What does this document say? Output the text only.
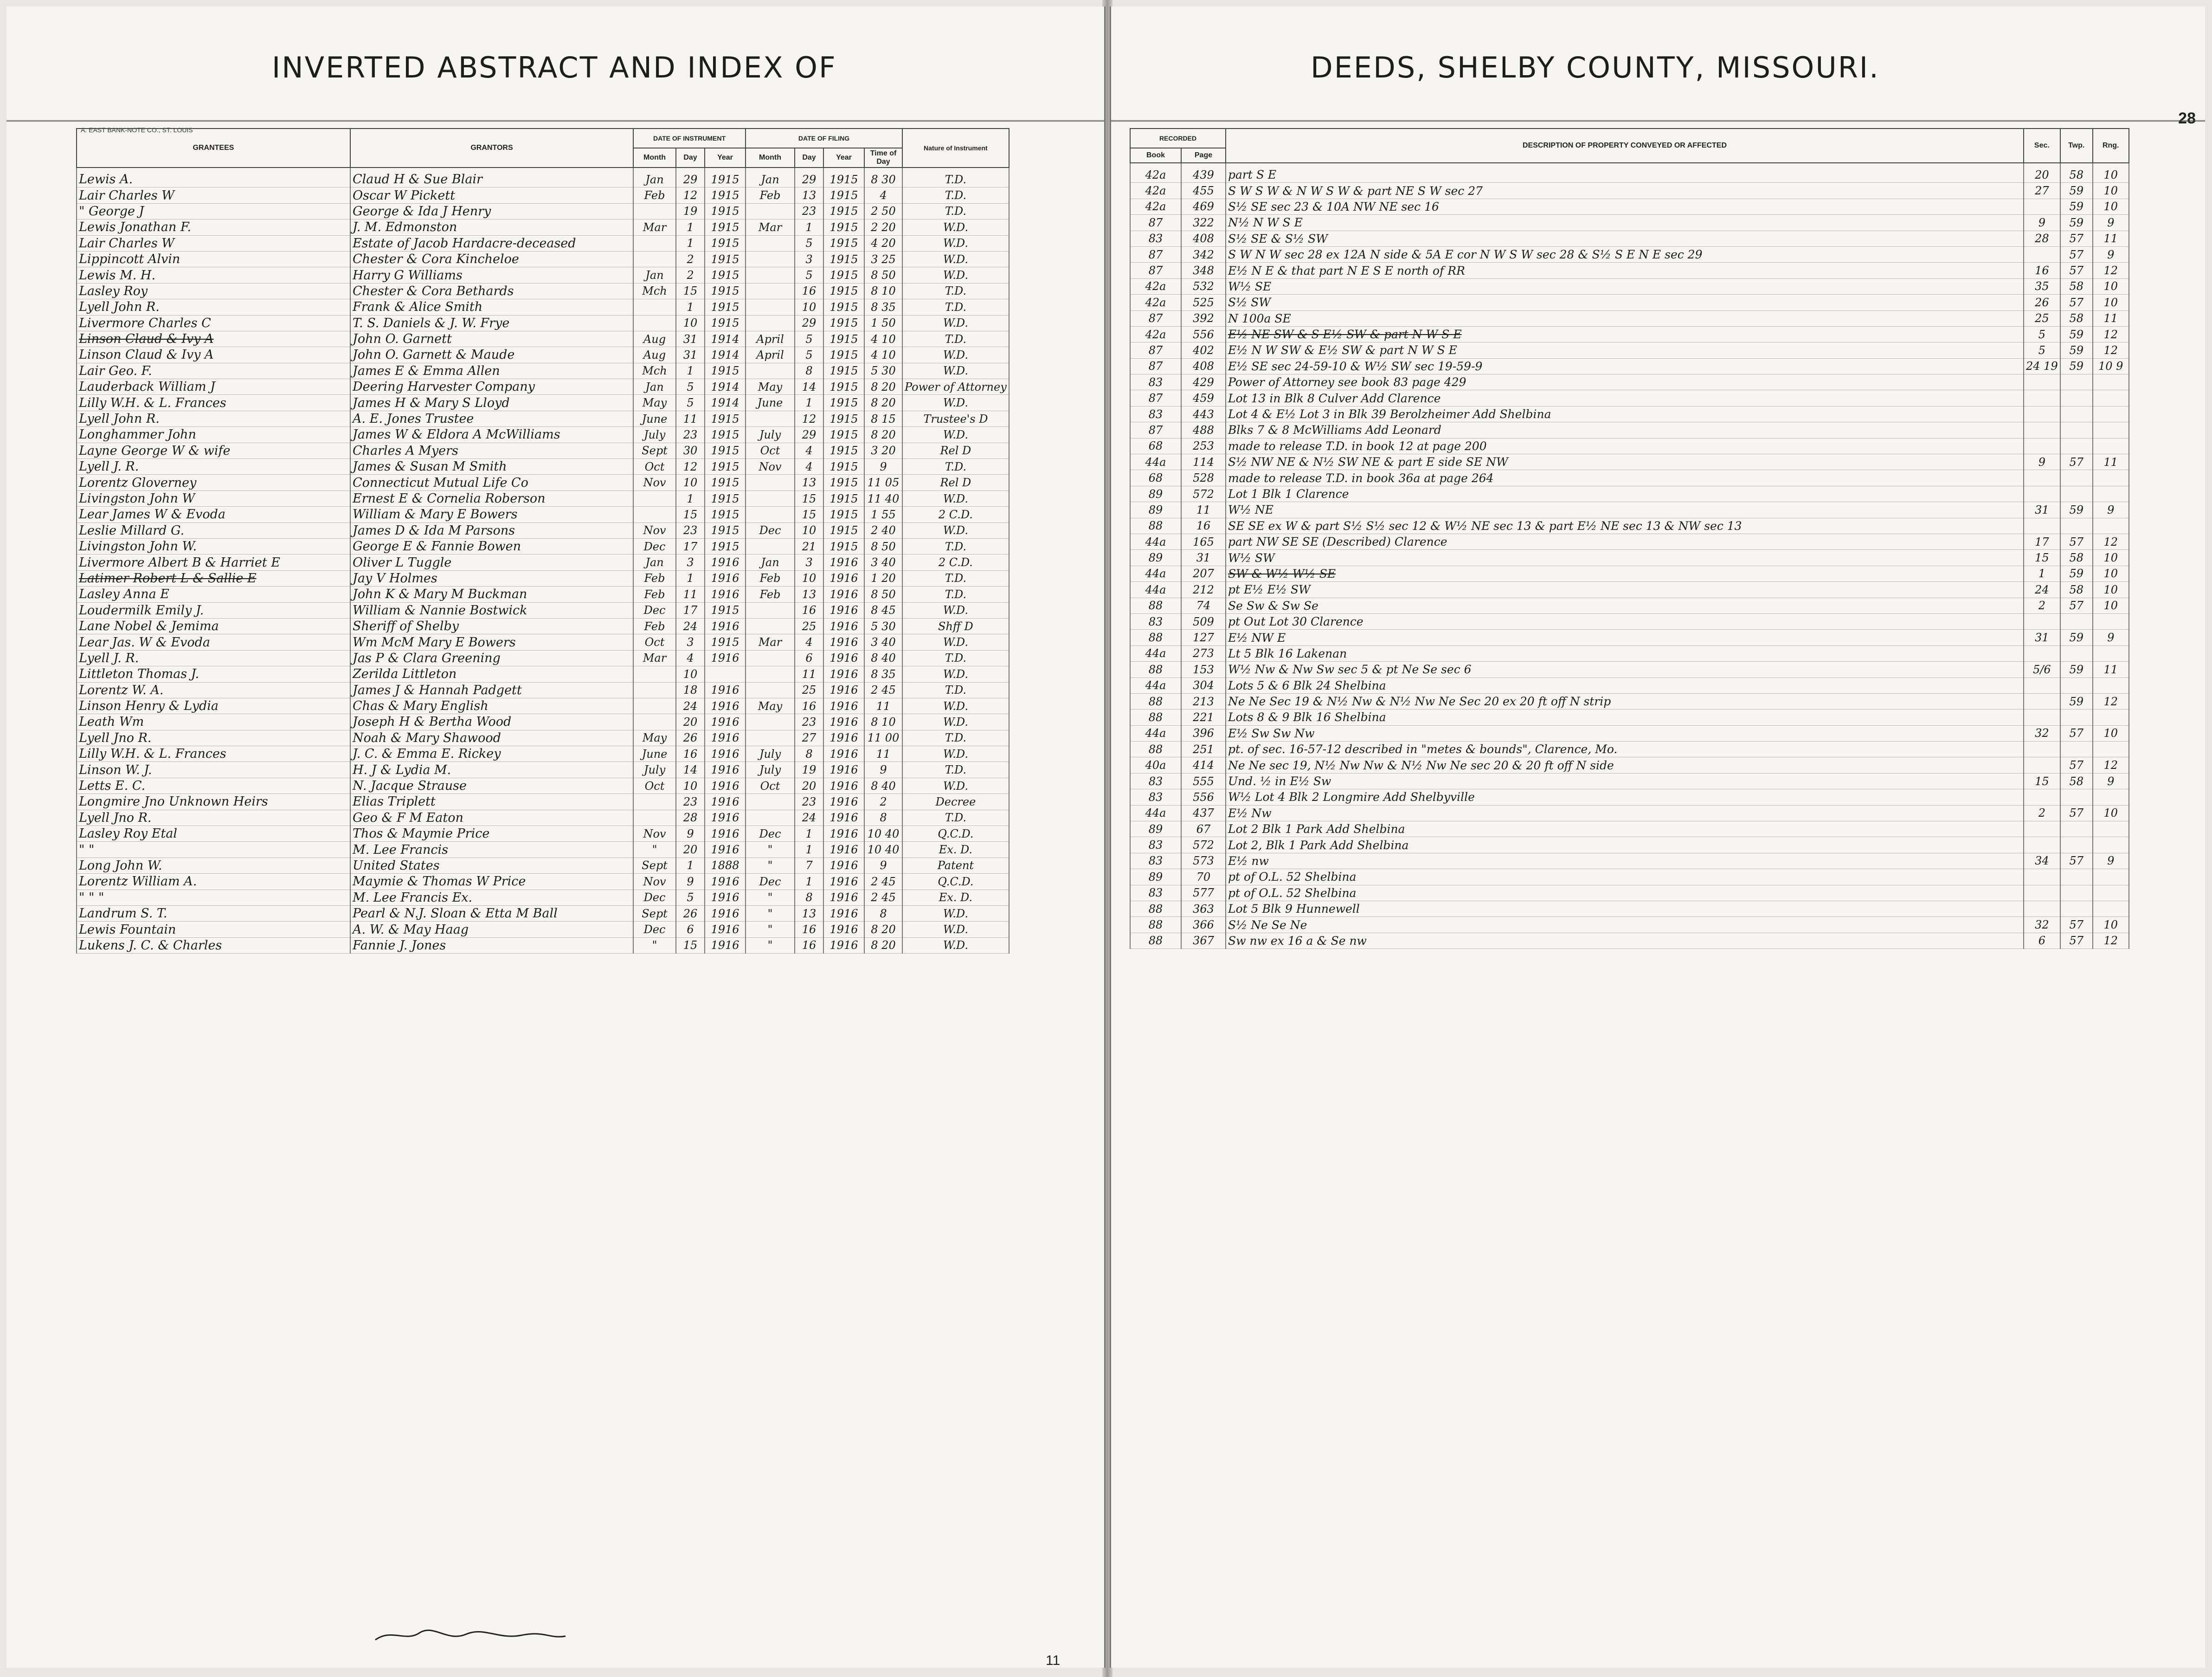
INVERTED ABSTRACT AND INDEX OF
A. EAST BANK-NOTE CO., ST. LOUIS
GRANTEES	GRANTORS	DATE OF INSTRUMENT			DATE OF FILING				Nature of Instrument
		Month	Day	Year	Month	Day	Year	Time of Day	
Lewis A.	Claud H & Sue Blair	Jan	29	1915	Jan	29	1915	8 30	T.D.
Lair Charles W	Oscar W Pickett	Feb	12	1915	Feb	13	1915	4	T.D.
" George J	George & Ida J Henry		19	1915		23	1915	2 50	T.D.
Lewis Jonathan F.	J. M. Edmonston	Mar	1	1915	Mar	1	1915	2 20	W.D.
Lair Charles W	Estate of Jacob Hardacre-deceased		1	1915		5	1915	4 20	W.D.
Lippincott Alvin	Chester & Cora Kincheloe		2	1915		3	1915	3 25	W.D.
Lewis M. H.	Harry G Williams	Jan	2	1915		5	1915	8 50	W.D.
Lasley Roy	Chester & Cora Bethards	Mch	15	1915		16	1915	8 10	T.D.
Lyell John R.	Frank & Alice Smith		1	1915		10	1915	8 35	T.D.
Livermore Charles C	T. S. Daniels & J. W. Frye		10	1915		29	1915	1 50	W.D.
Linson Claud & Ivy A	John O. Garnett	Aug	31	1914	April	5	1915	4 10	T.D.
Linson Claud & Ivy A	John O. Garnett & Maude	Aug	31	1914	April	5	1915	4 10	W.D.
Lair Geo. F.	James E & Emma Allen	Mch	1	1915		8	1915	5 30	W.D.
Lauderback William J	Deering Harvester Company	Jan	5	1914	May	14	1915	8 20	Power of Attorney
Lilly W.H. & L. Frances	James H & Mary S Lloyd	May	5	1914	June	1	1915	8 20	W.D.
Lyell John R.	A. E. Jones Trustee	June	11	1915		12	1915	8 15	Trustee's D
Longhammer John	James W & Eldora A McWilliams	July	23	1915	July	29	1915	8 20	W.D.
Layne George W & wife	Charles A Myers	Sept	30	1915	Oct	4	1915	3 20	Rel D
Lyell J. R.	James & Susan M Smith	Oct	12	1915	Nov	4	1915	9	T.D.
Lorentz Gloverney	Connecticut Mutual Life Co	Nov	10	1915		13	1915	11 05	Rel D
Livingston John W	Ernest E & Cornelia Roberson		1	1915		15	1915	11 40	W.D.
Lear James W & Evoda	William & Mary E Bowers		15	1915		15	1915	1 55	2 C.D.
Leslie Millard G.	James D & Ida M Parsons	Nov	23	1915	Dec	10	1915	2 40	W.D.
Livingston John W.	George E & Fannie Bowen	Dec	17	1915		21	1915	8 50	T.D.
Livermore Albert B & Harriet E	Oliver L Tuggle	Jan	3	1916	Jan	3	1916	3 40	2 C.D.
Latimer Robert L & Sallie E	Jay V Holmes	Feb	1	1916	Feb	10	1916	1 20	T.D.
Lasley Anna E	John K & Mary M Buckman	Feb	11	1916	Feb	13	1916	8 50	T.D.
Loudermilk Emily J.	William & Nannie Bostwick	Dec	17	1915		16	1916	8 45	W.D.
Lane Nobel & Jemima	Sheriff of Shelby	Feb	24	1916		25	1916	5 30	Shff D
Lear Jas. W & Evoda	Wm McM Mary E Bowers	Oct	3	1915	Mar	4	1916	3 40	W.D.
Lyell J. R.	Jas P & Clara Greening	Mar	4	1916		6	1916	8 40	T.D.
Littleton Thomas J.	Zerilda Littleton		10			11	1916	8 35	W.D.
Lorentz W. A.	James J & Hannah Padgett		18	1916		25	1916	2 45	T.D.
Linson Henry & Lydia	Chas & Mary English		24	1916	May	16	1916	11	W.D.
Leath Wm	Joseph H & Bertha Wood		20	1916		23	1916	8 10	W.D.
Lyell Jno R.	Noah & Mary Shawood	May	26	1916		27	1916	11 00	T.D.
Lilly W.H. & L. Frances	J. C. & Emma E. Rickey	June	16	1916	July	8	1916	11	W.D.
Linson W. J.	H. J & Lydia M.	July	14	1916	July	19	1916	9	T.D.
Letts E. C.	N. Jacque Strause	Oct	10	1916	Oct	20	1916	8 40	W.D.
Longmire Jno Unknown Heirs	Elias Triplett		23	1916		23	1916	2	Decree
Lyell Jno R.	Geo & F M Eaton		28	1916		24	1916	8	T.D.
Lasley Roy Etal	Thos & Maymie Price	Nov	9	1916	Dec	1	1916	10 40	Q.C.D.
" "	M. Lee Francis	"	20	1916	"	1	1916	10 40	Ex. D.
Long John W.	United States	Sept	1	1888	"	7	1916	9	Patent
Lorentz William A.	Maymie & Thomas W Price	Nov	9	1916	Dec	1	1916	2 45	Q.C.D.
" " "	M. Lee Francis Ex.	Dec	5	1916	"	8	1916	2 45	Ex. D.
Landrum S. T.	Pearl & N.J. Sloan & Etta M Ball	Sept	26	1916	"	13	1916	8	W.D.
Lewis Fountain	A. W. & May Haag	Dec	6	1916	"	16	1916	8 20	W.D.
Lukens J. C. & Charles	Fannie J. Jones	"	15	1916	"	16	1916	8 20	W.D.
11
DEEDS, SHELBY COUNTY, MISSOURI.
28
RECORDED		DESCRIPTION OF PROPERTY CONVEYED OR AFFECTED	Sec.	Twp.	Rng.
Book	Page				
42a	439	part S E	20	58	10
42a	455	S W S W & N W S W & part NE S W sec 27	27	59	10
42a	469	S½ SE sec 23 & 10A NW NE sec 16		59	10
87	322	N½ N W S E	9	59	9
83	408	S½ SE & S½ SW	28	57	11
87	342	S W N W sec 28 ex 12A N side & 5A E cor N W S W sec 28 & S½ S E N E sec 29		57	9
87	348	E½ N E & that part N E S E north of RR	16	57	12
42a	532	W½ SE	35	58	10
42a	525	S½ SW	26	57	10
87	392	N 100a SE	25	58	11
42a	556	E½ NE SW & S E½ SW & part N W S E	5	59	12
87	402	E½ N W SW & E½ SW & part N W S E	5	59	12
87	408	E½ SE sec 24-59-10 & W½ SW sec 19-59-9	24 19	59	10 9
83	429	Power of Attorney see book 83 page 429			
87	459	Lot 13 in Blk 8 Culver Add Clarence			
83	443	Lot 4 & E½ Lot 3 in Blk 39 Berolzheimer Add Shelbina			
87	488	Blks 7 & 8 McWilliams Add Leonard			
68	253	made to release T.D. in book 12 at page 200			
44a	114	S½ NW NE & N½ SW NE & part E side SE NW	9	57	11
68	528	made to release T.D. in book 36a at page 264			
89	572	Lot 1 Blk 1 Clarence			
89	11	W½ NE	31	59	9
88	16	SE SE ex W & part S½ S½ sec 12 & W½ NE sec 13 & part E½ NE sec 13 & NW sec 13			
44a	165	part NW SE SE (Described) Clarence	17	57	12
89	31	W½ SW	15	58	10
44a	207	SW & W½ W½ SE	1	59	10
44a	212	pt E½ E½ SW	24	58	10
88	74	Se Sw & Sw Se	2	57	10
83	509	pt Out Lot 30 Clarence			
88	127	E½ NW E	31	59	9
44a	273	Lt 5 Blk 16 Lakenan			
88	153	W½ Nw & Nw Sw sec 5 & pt Ne Se sec 6	5/6	59	11
44a	304	Lots 5 & 6 Blk 24 Shelbina			
88	213	Ne Ne Sec 19 & N½ Nw & N½ Nw Ne Sec 20 ex 20 ft off N strip		59	12
88	221	Lots 8 & 9 Blk 16 Shelbina			
44a	396	E½ Sw Sw Nw	32	57	10
88	251	pt. of sec. 16-57-12 described in "metes & bounds", Clarence, Mo.			
40a	414	Ne Ne sec 19, N½ Nw Nw & N½ Nw Ne sec 20 & 20 ft off N side		57	12
83	555	Und. ½ in E½ Sw	15	58	9
83	556	W½ Lot 4 Blk 2 Longmire Add Shelbyville			
44a	437	E½ Nw	2	57	10
89	67	Lot 2 Blk 1 Park Add Shelbina			
83	572	Lot 2, Blk 1 Park Add Shelbina			
83	573	E½ nw	34	57	9
89	70	pt of O.L. 52 Shelbina			
83	577	pt of O.L. 52 Shelbina			
88	363	Lot 5 Blk 9 Hunnewell			
88	366	S½ Ne Se Ne	32	57	10
88	367	Sw nw ex 16 a & Se nw	6	57	12
